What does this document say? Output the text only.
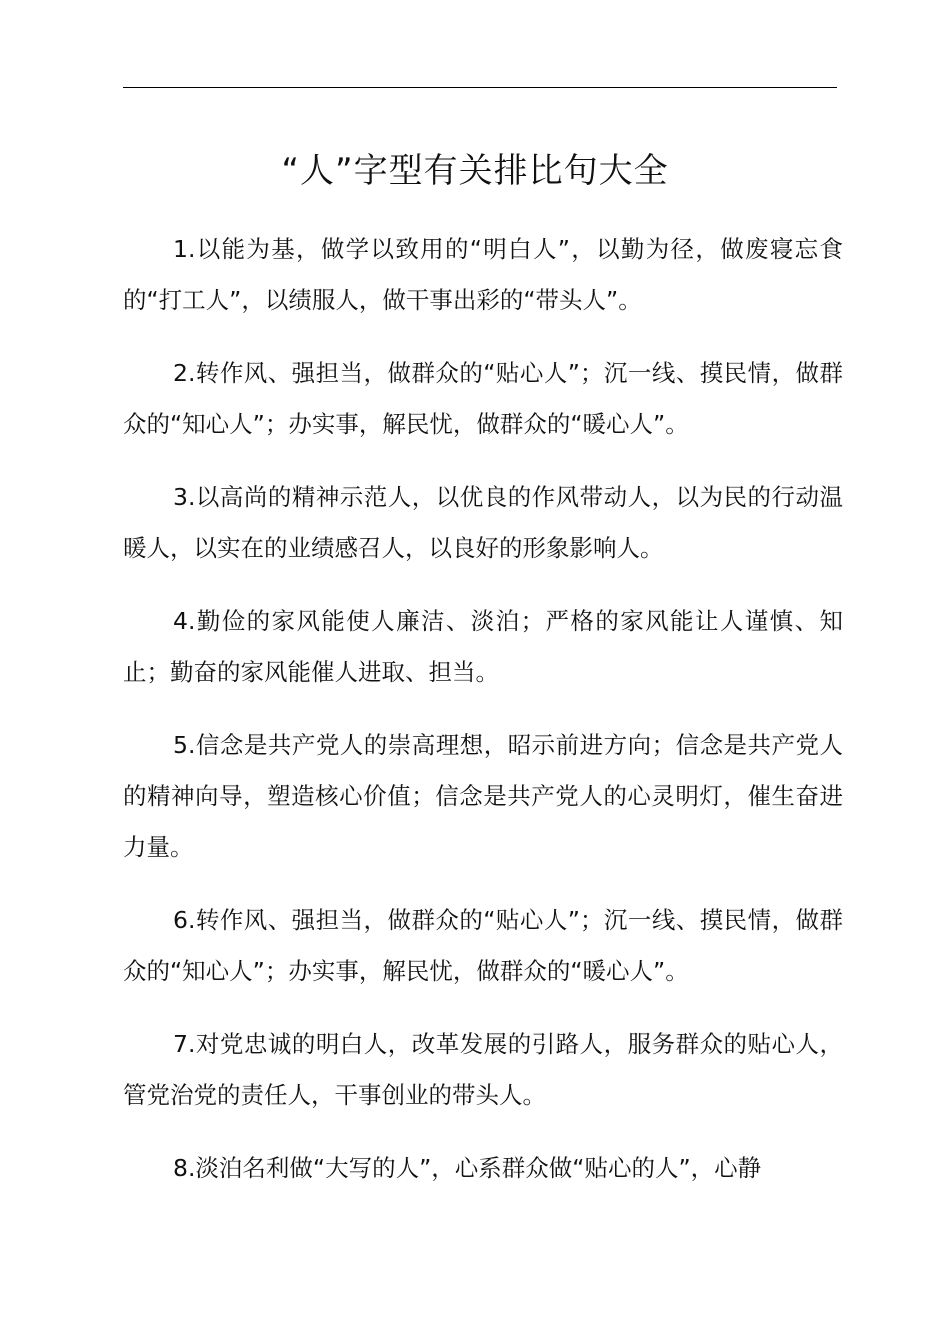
“人”字型有关排比句大全

1.以能为基，做学以致用的“明白人”，以勤为径，做废寝忘食的“打工人”，以绩服人，做干事出彩的“带头人”。

2.转作风、强担当，做群众的“贴心人”；沉一线、摸民情，做群众的“知心人”；办实事，解民忧，做群众的“暖心人”。

3.以高尚的精神示范人，以优良的作风带动人，以为民的行动温暖人，以实在的业绩感召人，以良好的形象影响人。

4.勤俭的家风能使人廉洁、淡泊；严格的家风能让人谨慎、知止；勤奋的家风能催人进取、担当。

5.信念是共产党人的崇高理想，昭示前进方向；信念是共产党人的精神向导，塑造核心价值；信念是共产党人的心灵明灯，催生奋进力量。

6.转作风、强担当，做群众的“贴心人”；沉一线、摸民情，做群众的“知心人”；办实事，解民忧，做群众的“暖心人”。

7.对党忠诚的明白人，改革发展的引路人，服务群众的贴心人，管党治党的责任人，干事创业的带头人。

8.淡泊名利做“大写的人”，心系群众做“贴心的人”，心静
